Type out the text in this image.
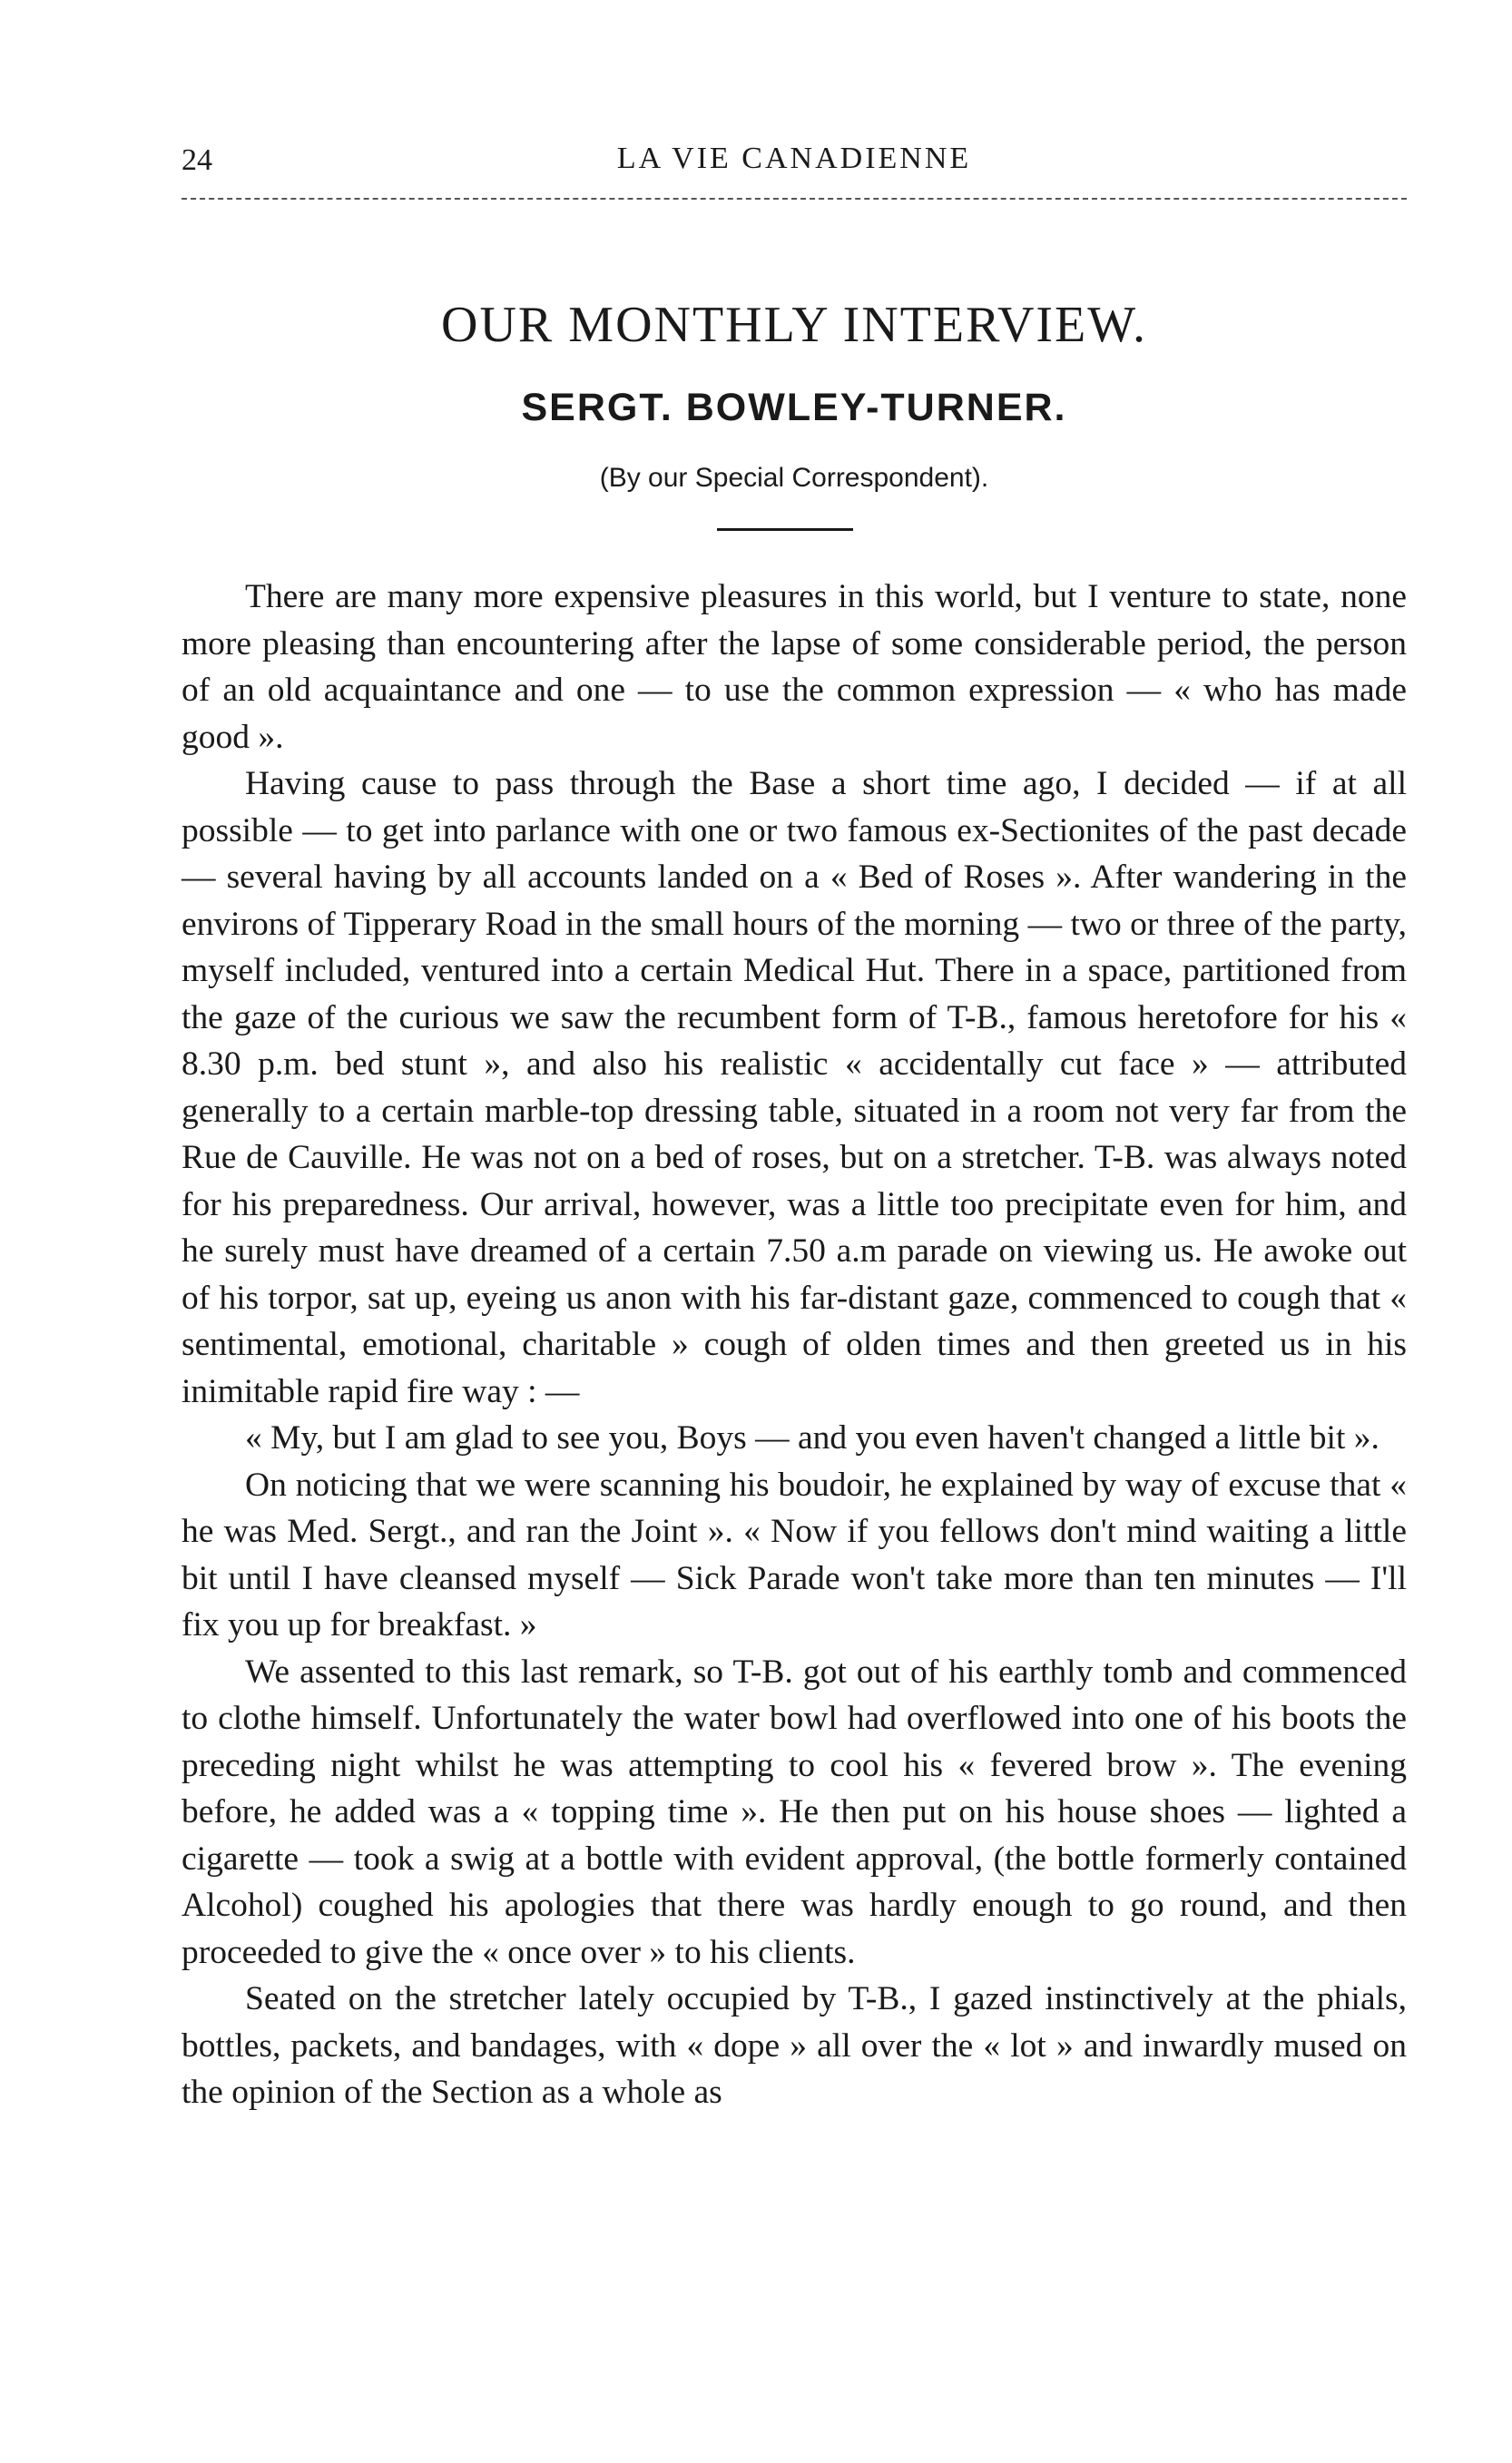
24	LA VIE CANADIENNE
OUR MONTHLY INTERVIEW.
SERGT. BOWLEY-TURNER.
(By our Special Correspondent).

There are many more expensive pleasures in this world, but I venture to state, none more pleasing than encountering after the lapse of some considerable period, the person of an old acquaintance and one — to use the common expression — « who has made good ».

Having cause to pass through the Base a short time ago, I decided — if at all possible — to get into parlance with one or two famous ex-Sectionites of the past decade — several having by all accounts landed on a « Bed of Roses ». After wandering in the environs of Tipperary Road in the small hours of the morning — two or three of the party, myself included, ventured into a certain Medical Hut. There in a space, partitioned from the gaze of the curious we saw the recumbent form of T-B., famous heretofore for his « 8.30 p.m. bed stunt », and also his realistic « accidentally cut face » — attributed generally to a certain marble-top dressing table, situated in a room not very far from the Rue de Cauville. He was not on a bed of roses, but on a stretcher. T-B. was always noted for his preparedness. Our arrival, however, was a little too precipitate even for him, and he surely must have dreamed of a certain 7.50 a.m parade on viewing us. He awoke out of his torpor, sat up, eyeing us anon with his far-distant gaze, commenced to cough that « sentimental, emotional, charitable » cough of olden times and then greeted us in his inimitable rapid fire way : —

« My, but I am glad to see you, Boys — and you even haven't changed a little bit ».

On noticing that we were scanning his boudoir, he explained by way of excuse that « he was Med. Sergt., and ran the Joint ». « Now if you fellows don't mind waiting a little bit until I have cleansed myself — Sick Parade won't take more than ten minutes — I'll fix you up for breakfast. »

We assented to this last remark, so T-B. got out of his earthly tomb and commenced to clothe himself. Unfortunately the water bowl had overflowed into one of his boots the preceding night whilst he was attempting to cool his « fevered brow ». The evening before, he added was a « topping time ». He then put on his house shoes — lighted a cigarette — took a swig at a bottle with evident approval, (the bottle formerly contained Alcohol) coughed his apologies that there was hardly enough to go round, and then proceeded to give the « once over » to his clients.

Seated on the stretcher lately occupied by T-B., I gazed instinctively at the phials, bottles, packets, and bandages, with « dope » all over the « lot » and inwardly mused on the opinion of the Section as a whole as
